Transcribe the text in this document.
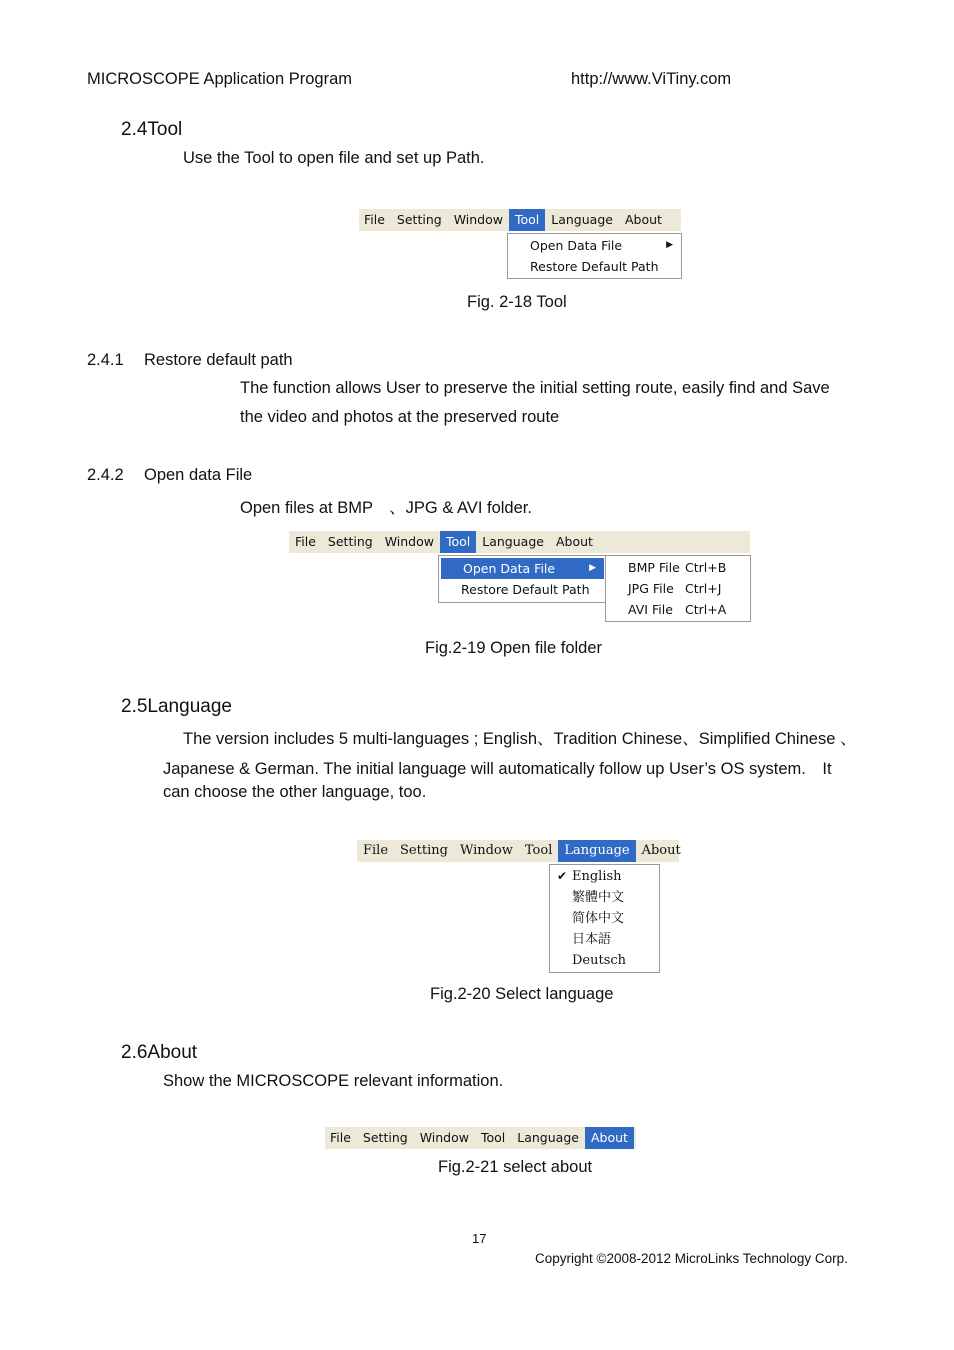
MICROSCOPE Application Program	http://www.ViTiny.com
2.4Tool
Use the Tool to open file and set up Path.
File Setting Window Tool Language About
Open Data File	▶
Restore Default Path
Fig. 2-18 Tool
2.4.1 Restore default path
The function allows User to preserve the initial setting route, easily find and Save
the video and photos at the preserved route
2.4.2 Open data File
Open files at BMP　、JPG & AVI folder.
File Setting Window Tool Language About
Open Data File	▶
Restore Default Path
BMP File Ctrl+B
JPG File Ctrl+J
AVI File Ctrl+A
Fig.2-19 Open file folder
2.5Language
The version includes 5 multi-languages ; English、Tradition Chinese、Simplified Chinese 、
Japanese & German. The initial language will automatically follow up User’s OS system.　It
can choose the other language, too.
File Setting Window Tool Language About
✔ English
繁體中文
简体中文
日本語
Deutsch
Fig.2-20 Select language
2.6About
Show the MICROSCOPE relevant information.
File Setting Window Tool Language About
Fig.2-21 select about
17
Copyright ©2008-2012 MicroLinks Technology Corp.
